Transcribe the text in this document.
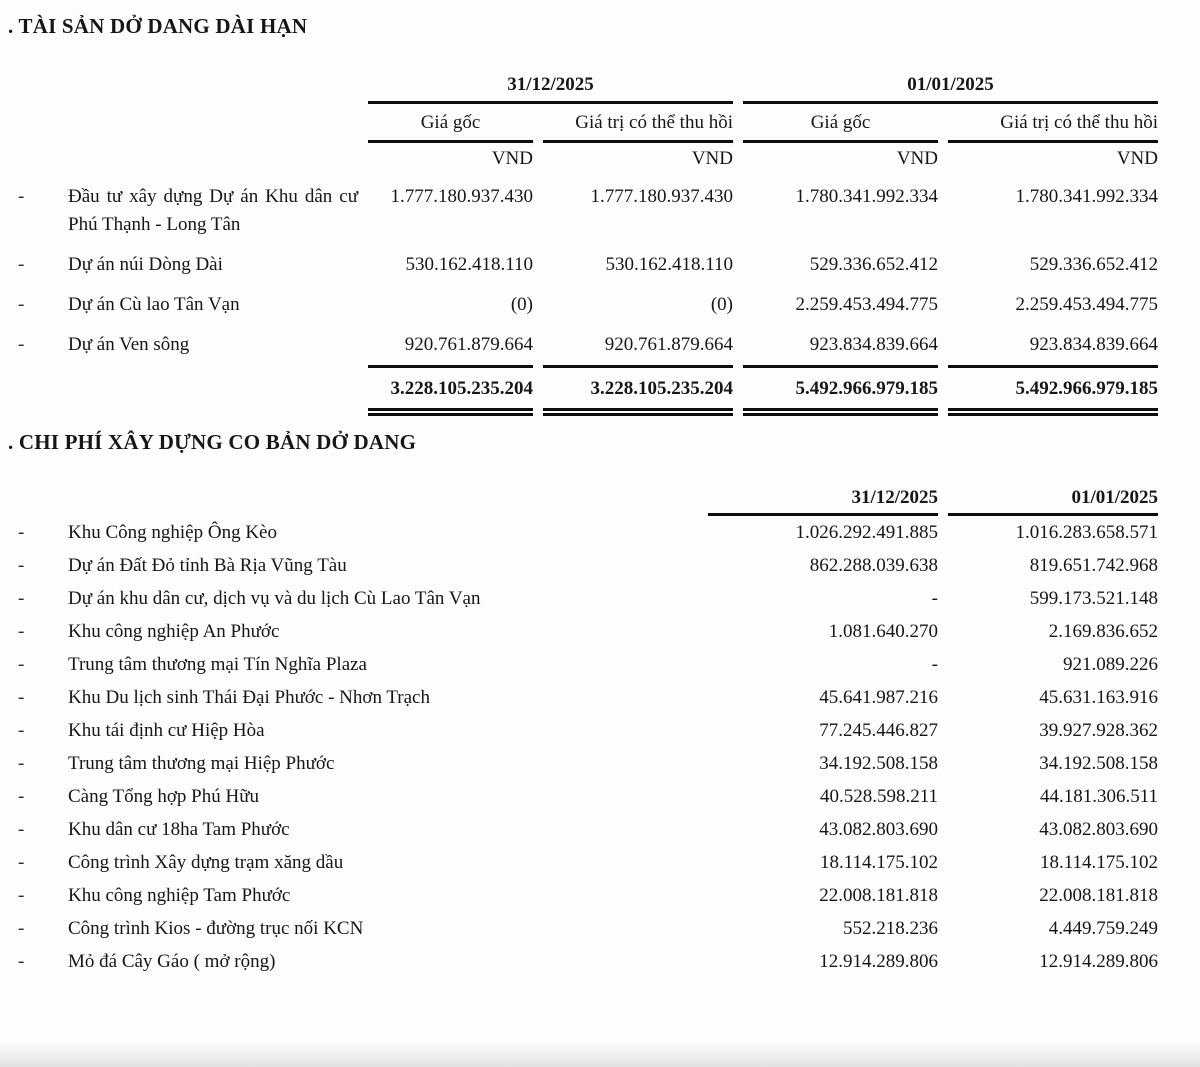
. TÀI SẢN DỞ DANG DÀI HẠN
		31/12/2025		01/01/2025	
		Giá gốc	Giá trị có thể thu hồi	Giá gốc	Giá trị có thể thu hồi
		VND	VND	VND	VND
-	Đầu tư xây dựng Dự án Khu dân cư Phú Thạnh - Long Tân	1.777.180.937.430	1.777.180.937.430	1.780.341.992.334	1.780.341.992.334
-	Dự án núi Dòng Dài	530.162.418.110	530.162.418.110	529.336.652.412	529.336.652.412
-	Dự án Cù lao Tân Vạn	(0)	(0)	2.259.453.494.775	2.259.453.494.775
-	Dự án Ven sông	920.761.879.664	920.761.879.664	923.834.839.664	923.834.839.664
		3.228.105.235.204	3.228.105.235.204	5.492.966.979.185	5.492.966.979.185
. CHI PHÍ XÂY DỰNG CO BẢN DỞ DANG
		31/12/2025	01/01/2025
-	Khu Công nghiệp Ông Kèo	1.026.292.491.885	1.016.283.658.571
-	Dự án Đất Đỏ tỉnh Bà Rịa Vũng Tàu	862.288.039.638	819.651.742.968
-	Dự án khu dân cư, dịch vụ và du lịch Cù Lao Tân Vạn	-	599.173.521.148
-	Khu công nghiệp An Phước	1.081.640.270	2.169.836.652
-	Trung tâm thương mại Tín Nghĩa Plaza	-	921.089.226
-	Khu Du lịch sinh Thái Đại Phước - Nhơn Trạch	45.641.987.216	45.631.163.916
-	Khu tái định cư Hiệp Hòa	77.245.446.827	39.927.928.362
-	Trung tâm thương mại Hiệp Phước	34.192.508.158	34.192.508.158
-	Càng Tổng hợp Phú Hữu	40.528.598.211	44.181.306.511
-	Khu dân cư 18ha Tam Phước	43.082.803.690	43.082.803.690
-	Công trình Xây dựng trạm xăng dầu	18.114.175.102	18.114.175.102
-	Khu công nghiệp Tam Phước	22.008.181.818	22.008.181.818
-	Công trình Kios - đường trục nối KCN	552.218.236	4.449.759.249
-	Mỏ đá Cây Gáo ( mở rộng)	12.914.289.806	12.914.289.806
